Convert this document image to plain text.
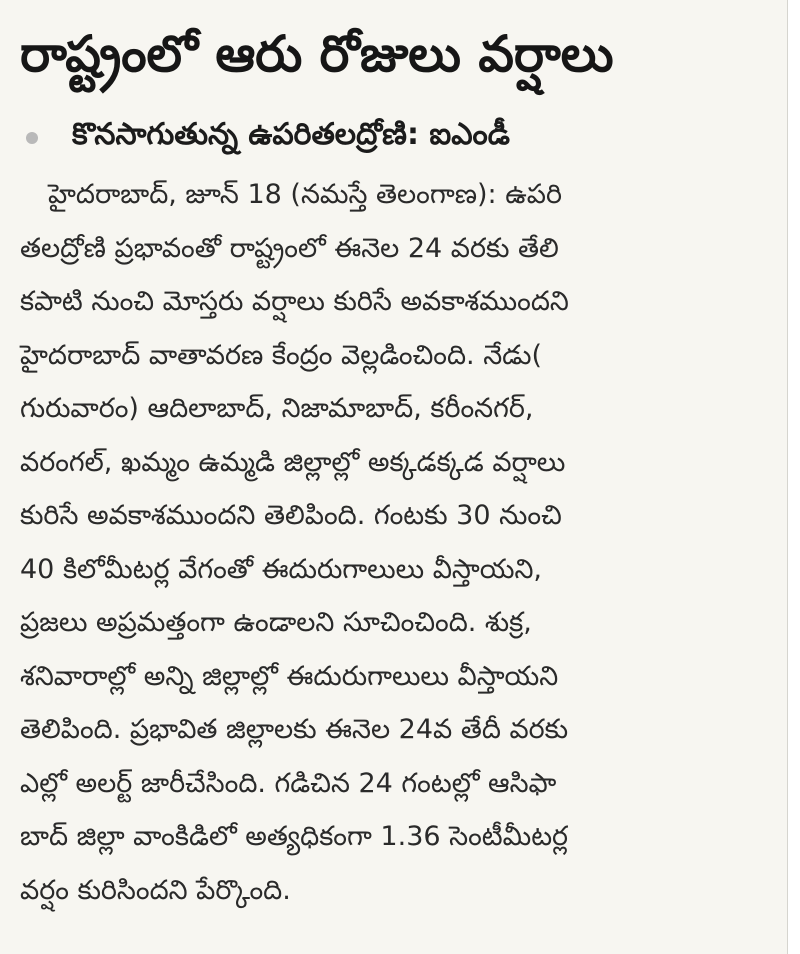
రాష్ట్రంలో ఆరు రోజులు వర్షాలు
కొనసాగుతున్న ఉపరితలద్రోణి: ఐఎండీ
హైదరాబాద్, జూన్ 18 (నమస్తే తెలంగాణ): ఉపరి
తలద్రోణి ప్రభావంతో రాష్ట్రంలో ఈనెల 24 వరకు తేలి
కపాటి నుంచి మోస్తరు వర్షాలు కురిసే అవకాశముందని
హైదరాబాద్ వాతావరణ కేంద్రం వెల్లడించింది. నేడు(
గురువారం) ఆదిలాబాద్, నిజామాబాద్, కరీంనగర్,
వరంగల్, ఖమ్మం ఉమ్మడి జిల్లాల్లో అక్కడక్కడ వర్షాలు
కురిసే అవకాశముందని తెలిపింది. గంటకు 30 నుంచి
40 కిలోమీటర్ల వేగంతో ఈదురుగాలులు వీస్తాయని,
ప్రజలు అప్రమత్తంగా ఉండాలని సూచించింది. శుక్ర,
శనివారాల్లో అన్ని జిల్లాల్లో ఈదురుగాలులు వీస్తాయని
తెలిపింది. ప్రభావిత జిల్లాలకు ఈనెల 24వ తేదీ వరకు
ఎల్లో అలర్ట్ జారీచేసింది. గడిచిన 24 గంటల్లో ఆసిఫా
బాద్ జిల్లా వాంకిడిలో అత్యధికంగా 1.36 సెంటీమీటర్ల
వర్షం కురిసిందని పేర్కొంది.
